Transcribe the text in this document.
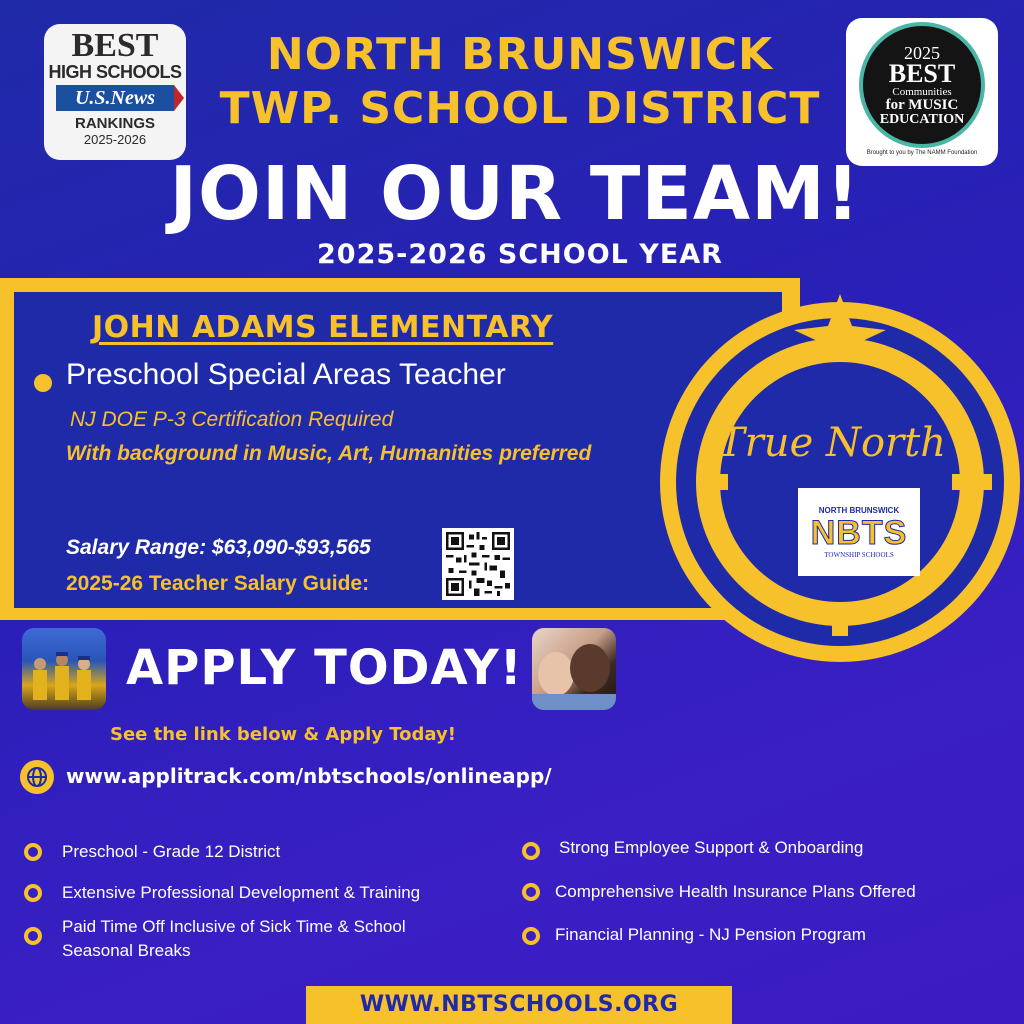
BEST
HIGH SCHOOLS
U.S.News
RANKINGS
2025-2026
2025
BEST
Communities
for MUSIC
EDUCATION
Brought to you by The NAMM Foundation
NORTH BRUNSWICK
TWP. SCHOOL DISTRICT
JOIN OUR TEAM!
2025-2026 SCHOOL YEAR
JOHN ADAMS ELEMENTARY
Preschool Special Areas Teacher
NJ DOE P-3 Certification Required
With background in Music, Art, Humanities preferred
Salary Range: $63,090-$93,565
2025-26 Teacher Salary Guide:
True North
NORTH BRUNSWICK
NBTS
TOWNSHIP SCHOOLS
APPLY TODAY!
See the link below & Apply Today!
www.applitrack.com/nbtschools/onlineapp/
Preschool - Grade 12 District
Extensive Professional Development & Training
Paid Time Off Inclusive of Sick Time & School Seasonal Breaks
Strong Employee Support & Onboarding
Comprehensive Health Insurance Plans Offered
Financial Planning - NJ Pension Program
WWW.NBTSCHOOLS.ORG
